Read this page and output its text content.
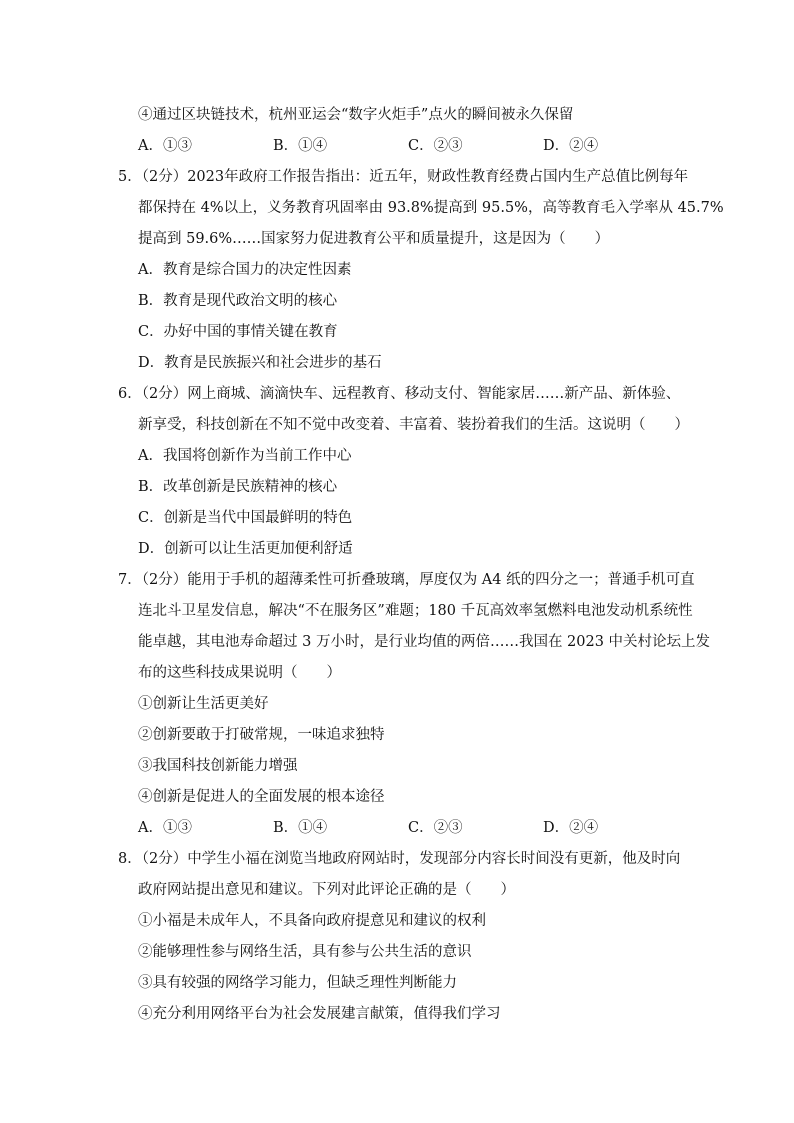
④通过区块链技术，杭州亚运会“数字火炬手”点火的瞬间被永久保留
A．①③	B．①④	C．②③	D．②④
5．（2分）2023年政府工作报告指出：近五年，财政性教育经费占国内生产总值比例每年
都保持在 4%以上，义务教育巩固率由 93.8%提高到 95.5%，高等教育毛入学率从 45.7%
提高到 59.6%……国家努力促进教育公平和质量提升，这是因为（　　）
A．教育是综合国力的决定性因素
B．教育是现代政治文明的核心
C．办好中国的事情关键在教育
D．教育是民族振兴和社会进步的基石
6．（2分）网上商城、滴滴快车、远程教育、移动支付、智能家居……新产品、新体验、
新享受，科技创新在不知不觉中改变着、丰富着、装扮着我们的生活。这说明（　　）
A．我国将创新作为当前工作中心
B．改革创新是民族精神的核心
C．创新是当代中国最鲜明的特色
D．创新可以让生活更加便利舒适
7．（2分）能用于手机的超薄柔性可折叠玻璃，厚度仅为 A4 纸的四分之一；普通手机可直
连北斗卫星发信息，解决“不在服务区”难题；180 千瓦高效率氢燃料电池发动机系统性
能卓越，其电池寿命超过 3 万小时，是行业均值的两倍……我国在 2023 中关村论坛上发
布的这些科技成果说明（　　）
①创新让生活更美好
②创新要敢于打破常规，一味追求独特
③我国科技创新能力增强
④创新是促进人的全面发展的根本途径
A．①③	B．①④	C．②③	D．②④
8．（2分）中学生小福在浏览当地政府网站时，发现部分内容长时间没有更新，他及时向
政府网站提出意见和建议。下列对此评论正确的是（　　）
①小福是未成年人，不具备向政府提意见和建议的权利
②能够理性参与网络生活，具有参与公共生活的意识
③具有较强的网络学习能力，但缺乏理性判断能力
④充分利用网络平台为社会发展建言献策，值得我们学习
